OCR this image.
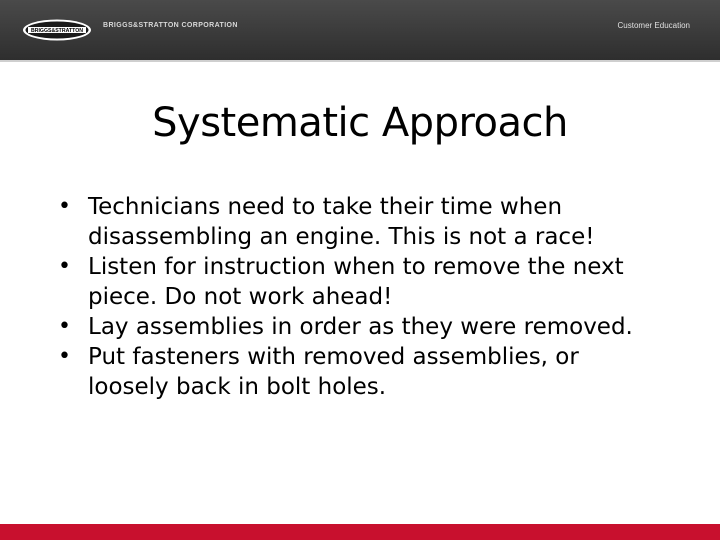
BRIGGS&STRATTON
BRIGGS&STRATTON CORPORATION	Customer Education
Systematic Approach
• Technicians need to take their time when disassembling an engine. This is not a race!
• Listen for instruction when to remove the next piece. Do not work ahead!
• Lay assemblies in order as they were removed.
• Put fasteners with removed assemblies, or loosely back in bolt holes.
